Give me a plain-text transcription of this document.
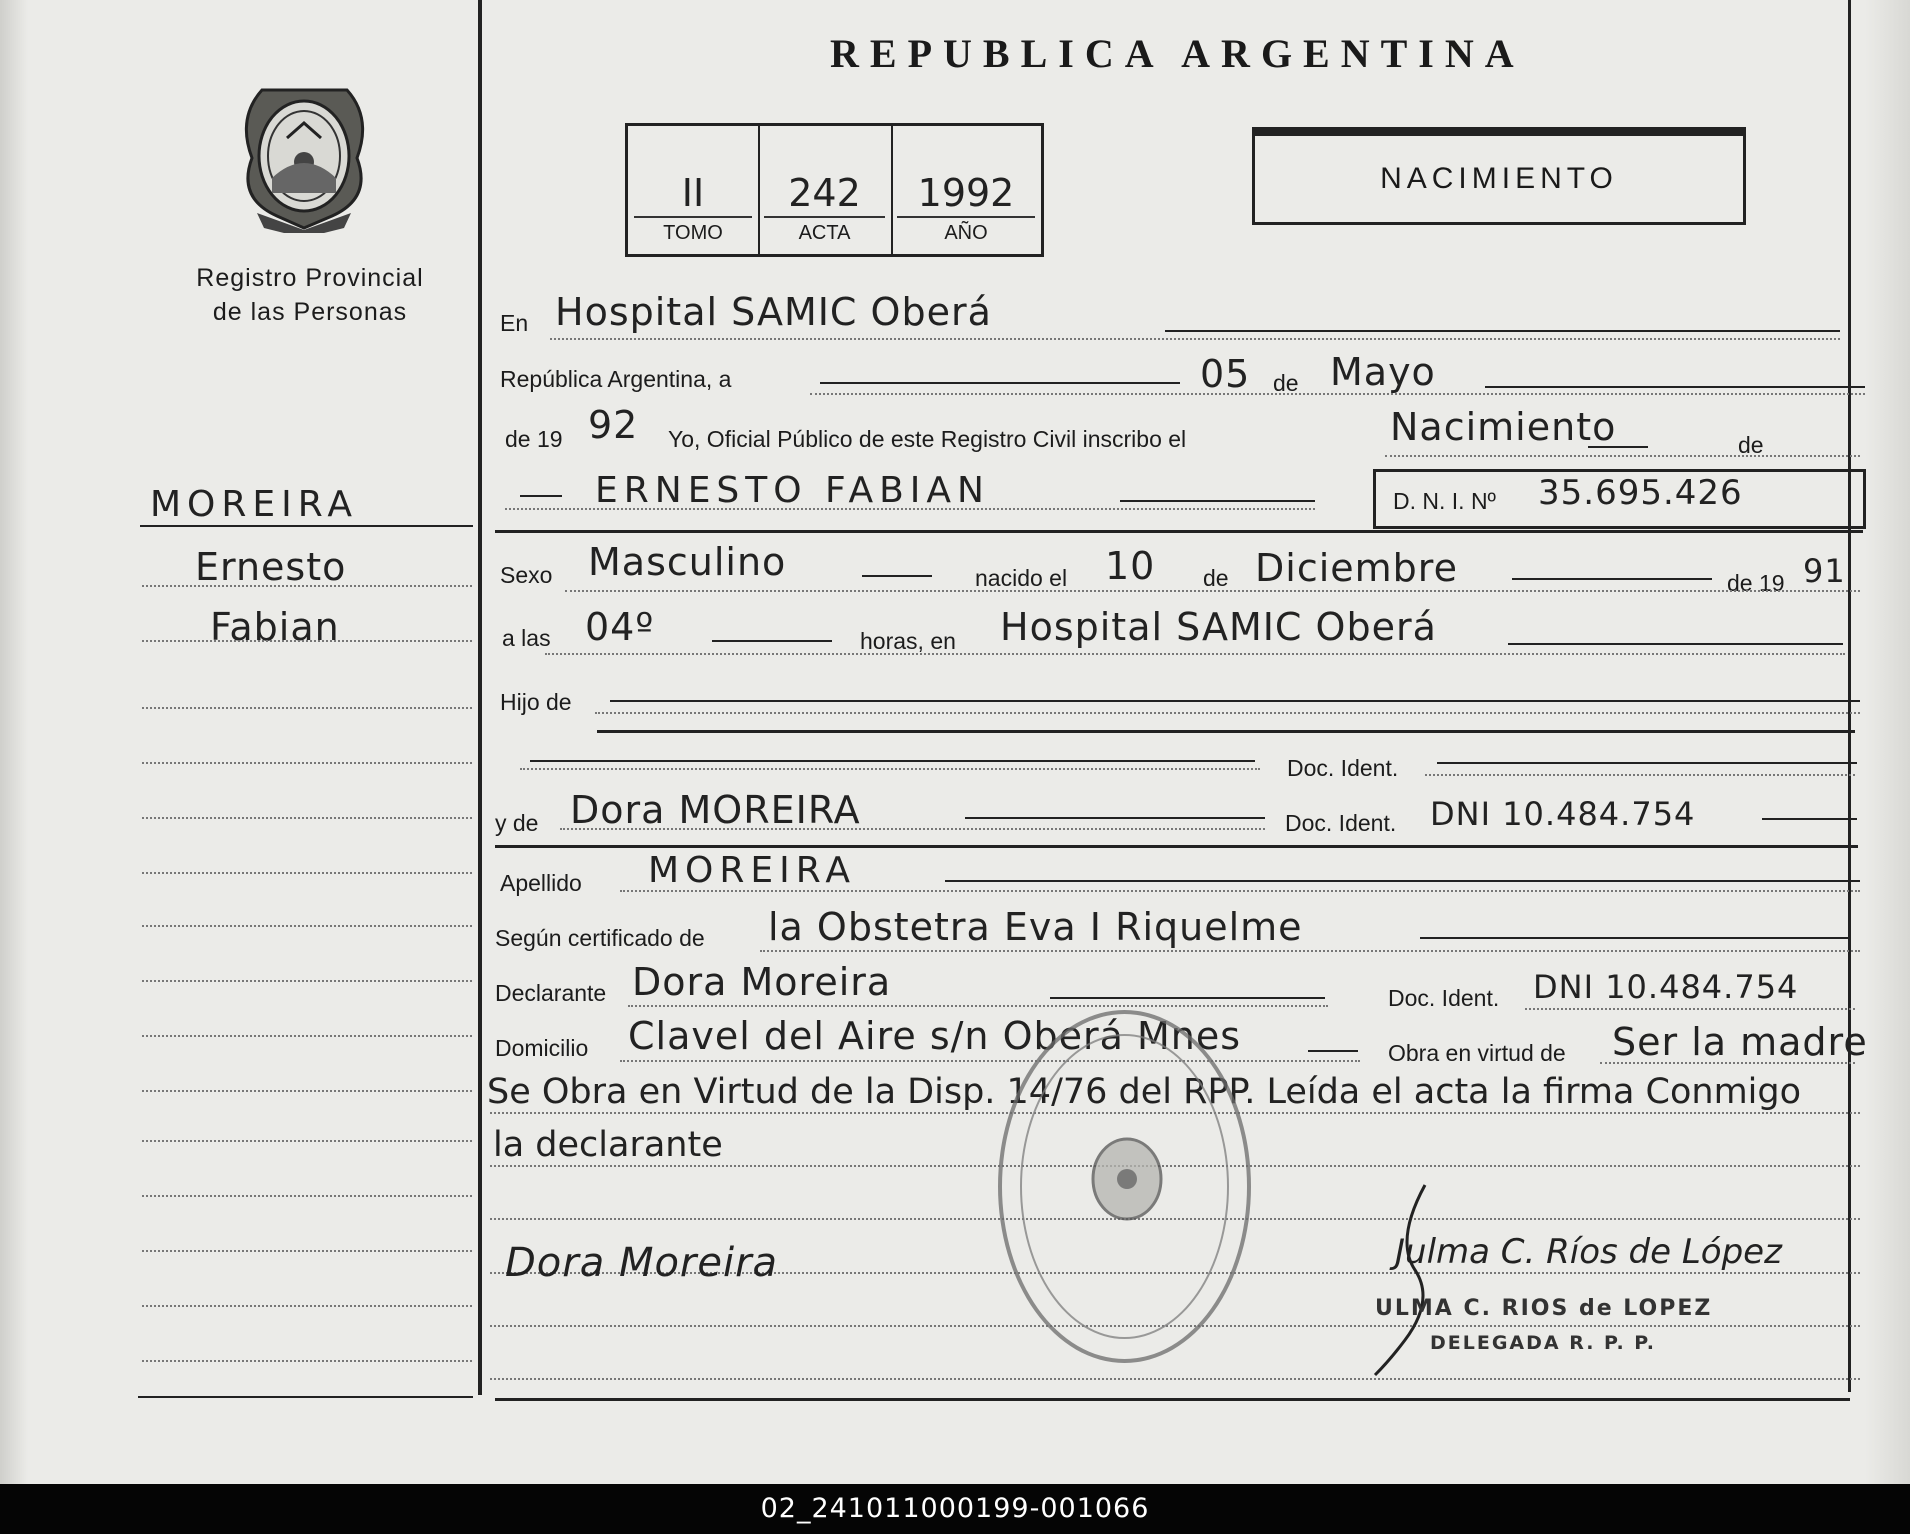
Registro Provincial
de las Personas
REPUBLICA ARGENTINA
II
TOMO
242
ACTA
1992
AÑO
NACIMIENTO
MOREIRA
Ernesto
Fabian
En Hospital SAMIC Oberá
República Argentina, a	05 de Mayo
de 19 92 Yo, Oficial Público de este Registro Civil inscribo el	Nacimiento	de
ERNESTO FABIAN	D. N. I. Nº 35.695.426
Sexo Masculino	nacido el 10 de Diciembre	de 19 91
a las 04º	horas, en Hospital SAMIC Oberá
Hijo de
Doc. Ident.
y de Dora MOREIRA	Doc. Ident. DNI 10.484.754
Apellido MOREIRA
Según certificado de la Obstetra Eva I Riquelme
Declarante Dora Moreira	Doc. Ident. DNI 10.484.754
Domicilio Clavel del Aire s/n Oberá Mnes	Obra en virtud de Ser la madre
Se Obra en Virtud de la Disp. 14/76 del RPP. Leída el acta la firma Conmigo
la declarante
Dora Moreira	Julma C. Ríos de López
ULMA C. RIOS de LOPEZ
DELEGADA R. P. P.
02_241011000199-001066
